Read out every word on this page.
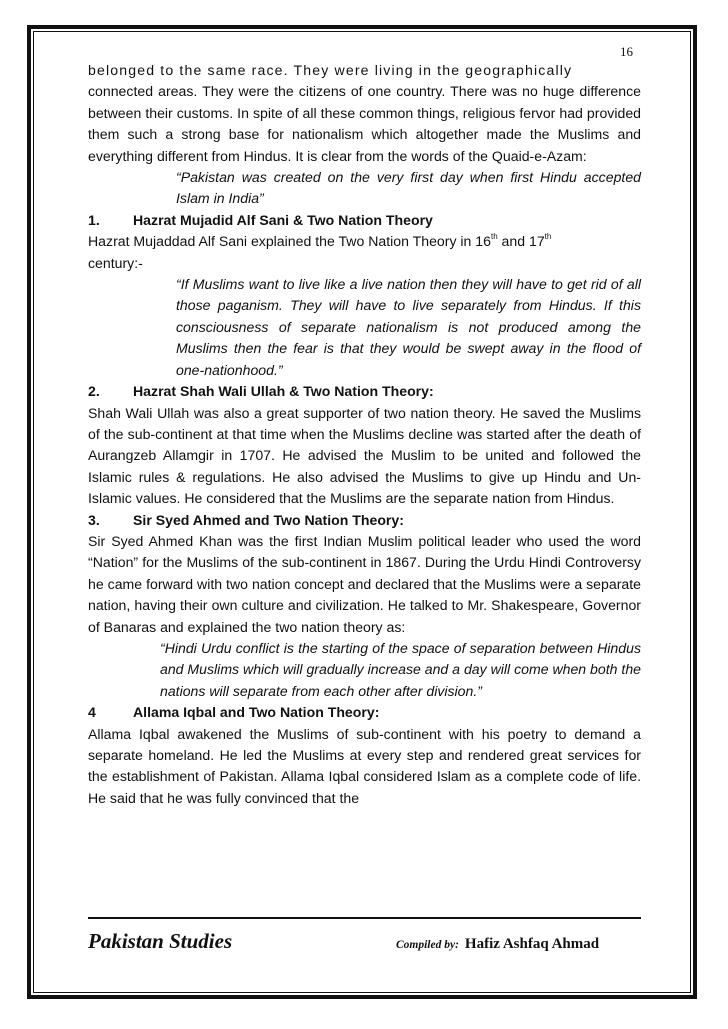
16

belonged to the same race. They were living in the geographically
connected areas. They were the citizens of one country. There was no huge difference between their customs. In spite of all these common things, religious fervor had provided them such a strong base for nationalism which altogether made the Muslims and everything different from Hindus. It is clear from the words of the Quaid-e-Azam:

“Pakistan was created on the very first day when first Hindu accepted Islam in India”

1.	Hazrat Mujadid Alf Sani & Two Nation Theory

Hazrat Mujaddad Alf Sani explained the Two Nation Theory in 16th and 17th
century:-

“If Muslims want to live like a live nation then they will have to get rid of all those paganism. They will have to live separately from Hindus. If this consciousness of separate nationalism is not produced among the Muslims then the fear is that they would be swept away in the flood of one-nationhood.”

2.	Hazrat Shah Wali Ullah & Two Nation Theory:

Shah Wali Ullah was also a great supporter of two nation theory. He saved the Muslims of the sub-continent at that time when the Muslims decline was started after the death of Aurangzeb Allamgir in 1707. He advised the Muslim to be united and followed the Islamic rules & regulations. He also advised the Muslims to give up Hindu and Un-Islamic values. He considered that the Muslims are the separate nation from Hindus.

3.	Sir Syed Ahmed and Two Nation Theory:

Sir Syed Ahmed Khan was the first Indian Muslim political leader who used the word “Nation” for the Muslims of the sub-continent in 1867. During the Urdu Hindi Controversy he came forward with two nation concept and declared that the Muslims were a separate nation, having their own culture and civilization. He talked to Mr. Shakespeare, Governor of Banaras and explained the two nation theory as:

“Hindi Urdu conflict is the starting of the space of separation between Hindus and Muslims which will gradually increase and a day will come when both the nations will separate from each other after division.”

4	Allama Iqbal and Two Nation Theory:

Allama Iqbal awakened the Muslims of sub-continent with his poetry to demand a separate homeland. He led the Muslims at every step and rendered great services for the establishment of Pakistan. Allama Iqbal considered Islam as a complete code of life. He said that he was fully convinced that the

Pakistan Studies	Compiled by: Hafiz Ashfaq Ahmad
